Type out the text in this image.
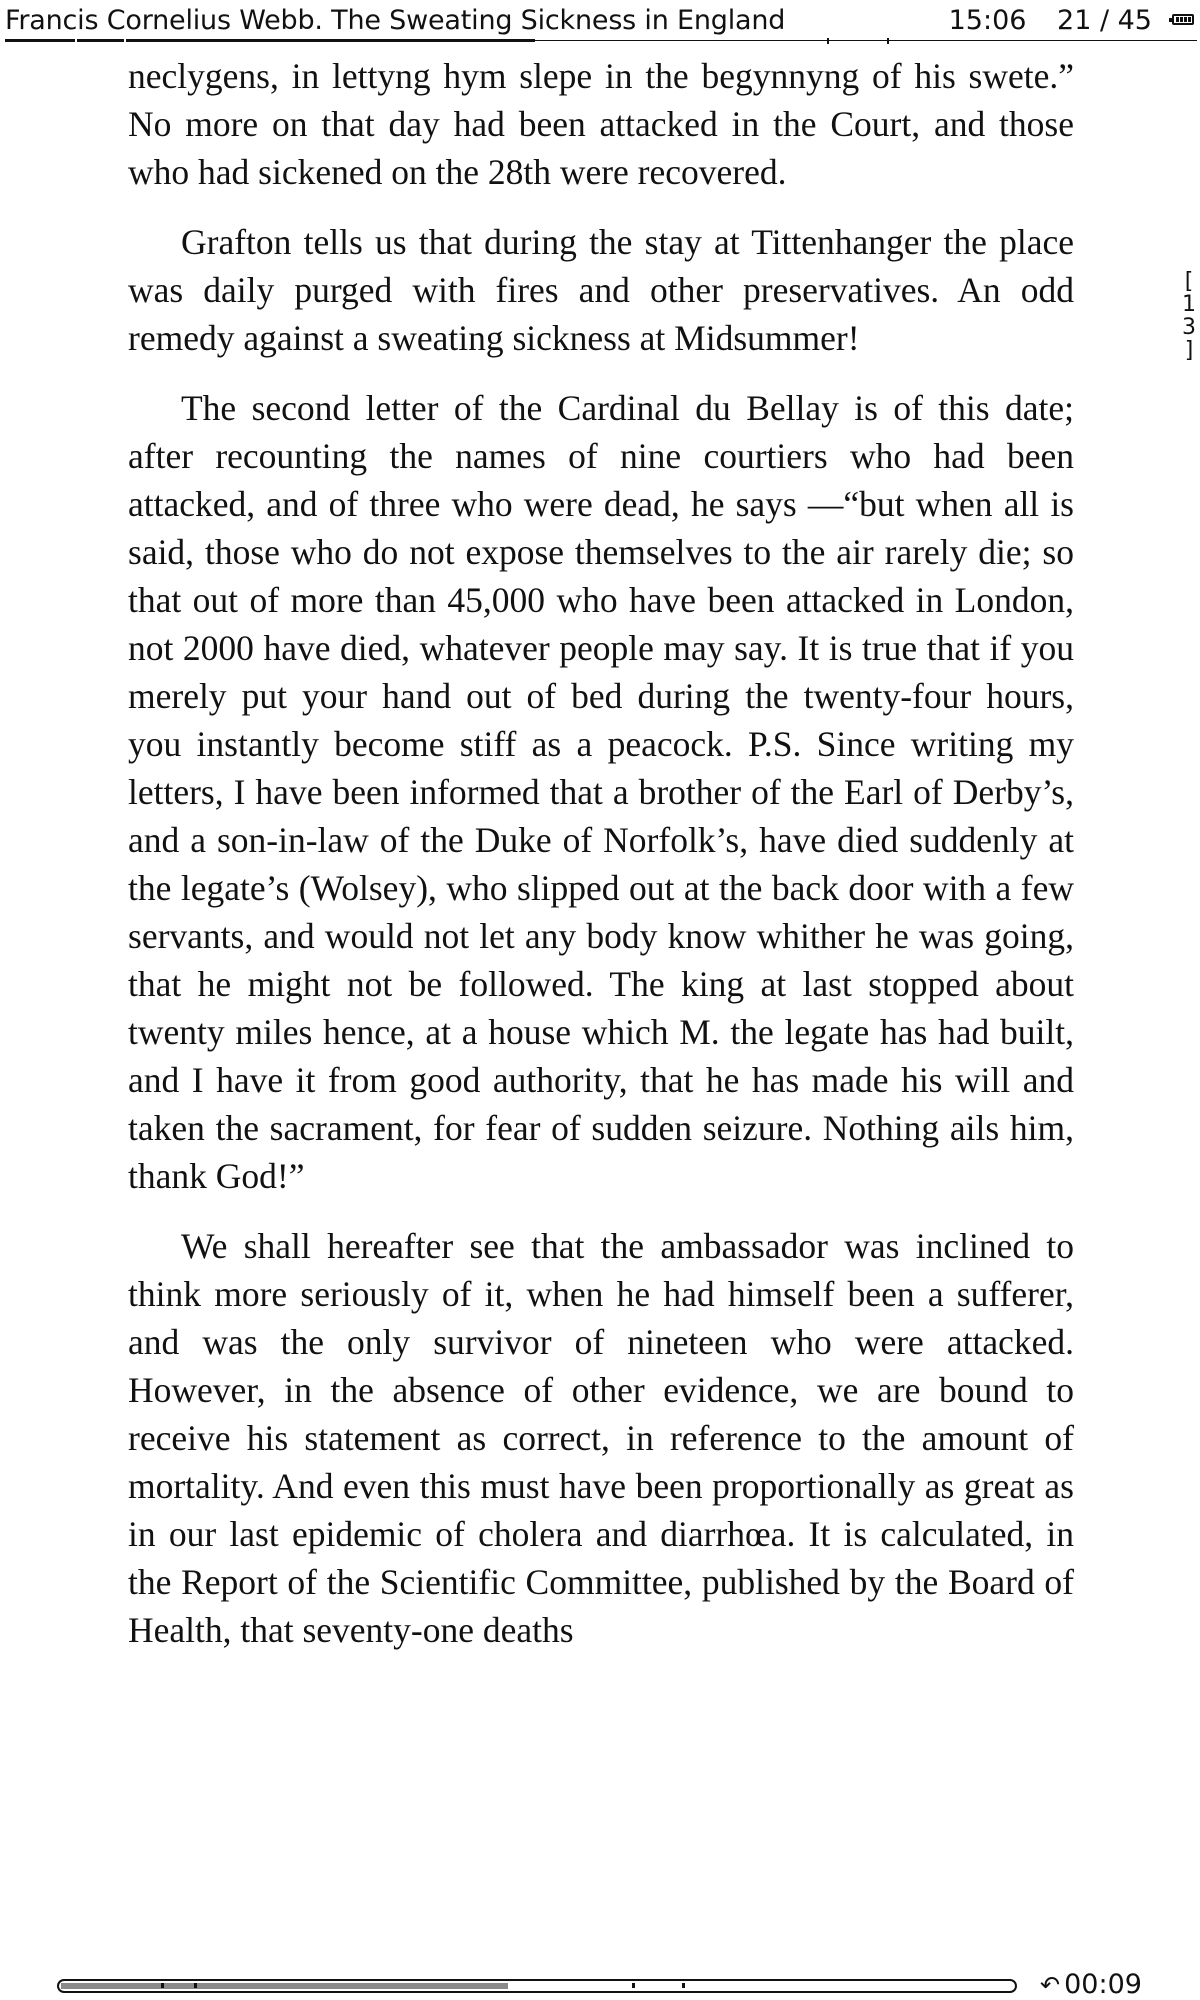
Francis Cornelius Webb. The Sweating Sickness in England	15:06 21 / 45
[
1
3
]

neclygens, in lettyng hym slepe in the begynnyng of his swete.” No more on that day had been attacked in the Court, and those who had sickened on the 28th were recovered.

Grafton tells us that during the stay at Tittenhanger the place was daily purged with fires and other preservatives. An odd remedy against a sweating sickness at Midsummer!

The second letter of the Cardinal du Bellay is of this date; after recounting the names of nine courtiers who had been attacked, and of three who were dead, he says —“but when all is said, those who do not expose themselves to the air rarely die; so that out of more than 45,000 who have been attacked in London, not 2000 have died, whatever people may say. It is true that if you merely put your hand out of bed during the twenty-four hours, you instantly become stiff as a peacock. P.S. Since writing my letters, I have been informed that a brother of the Earl of Derby’s, and a son-in-law of the Duke of Norfolk’s, have died suddenly at the legate’s (Wolsey), who slipped out at the back door with a few servants, and would not let any body know whither he was going, that he might not be followed. The king at last stopped about twenty miles hence, at a house which M. the legate has had built, and I have it from good authority, that he has made his will and taken the sacrament, for fear of sudden seizure. Nothing ails him, thank God!”

We shall hereafter see that the ambassador was inclined to think more seriously of it, when he had himself been a sufferer, and was the only survivor of nineteen who were attacked. However, in the absence of other evidence, we are bound to receive his statement as correct, in reference to the amount of mortality. And even this must have been proportionally as great as in our last epidemic of cholera and diarrhœa. It is calculated, in the Report of the Scientific Committee, published by the Board of Health, that seventy-one deaths

↶ 00:09
